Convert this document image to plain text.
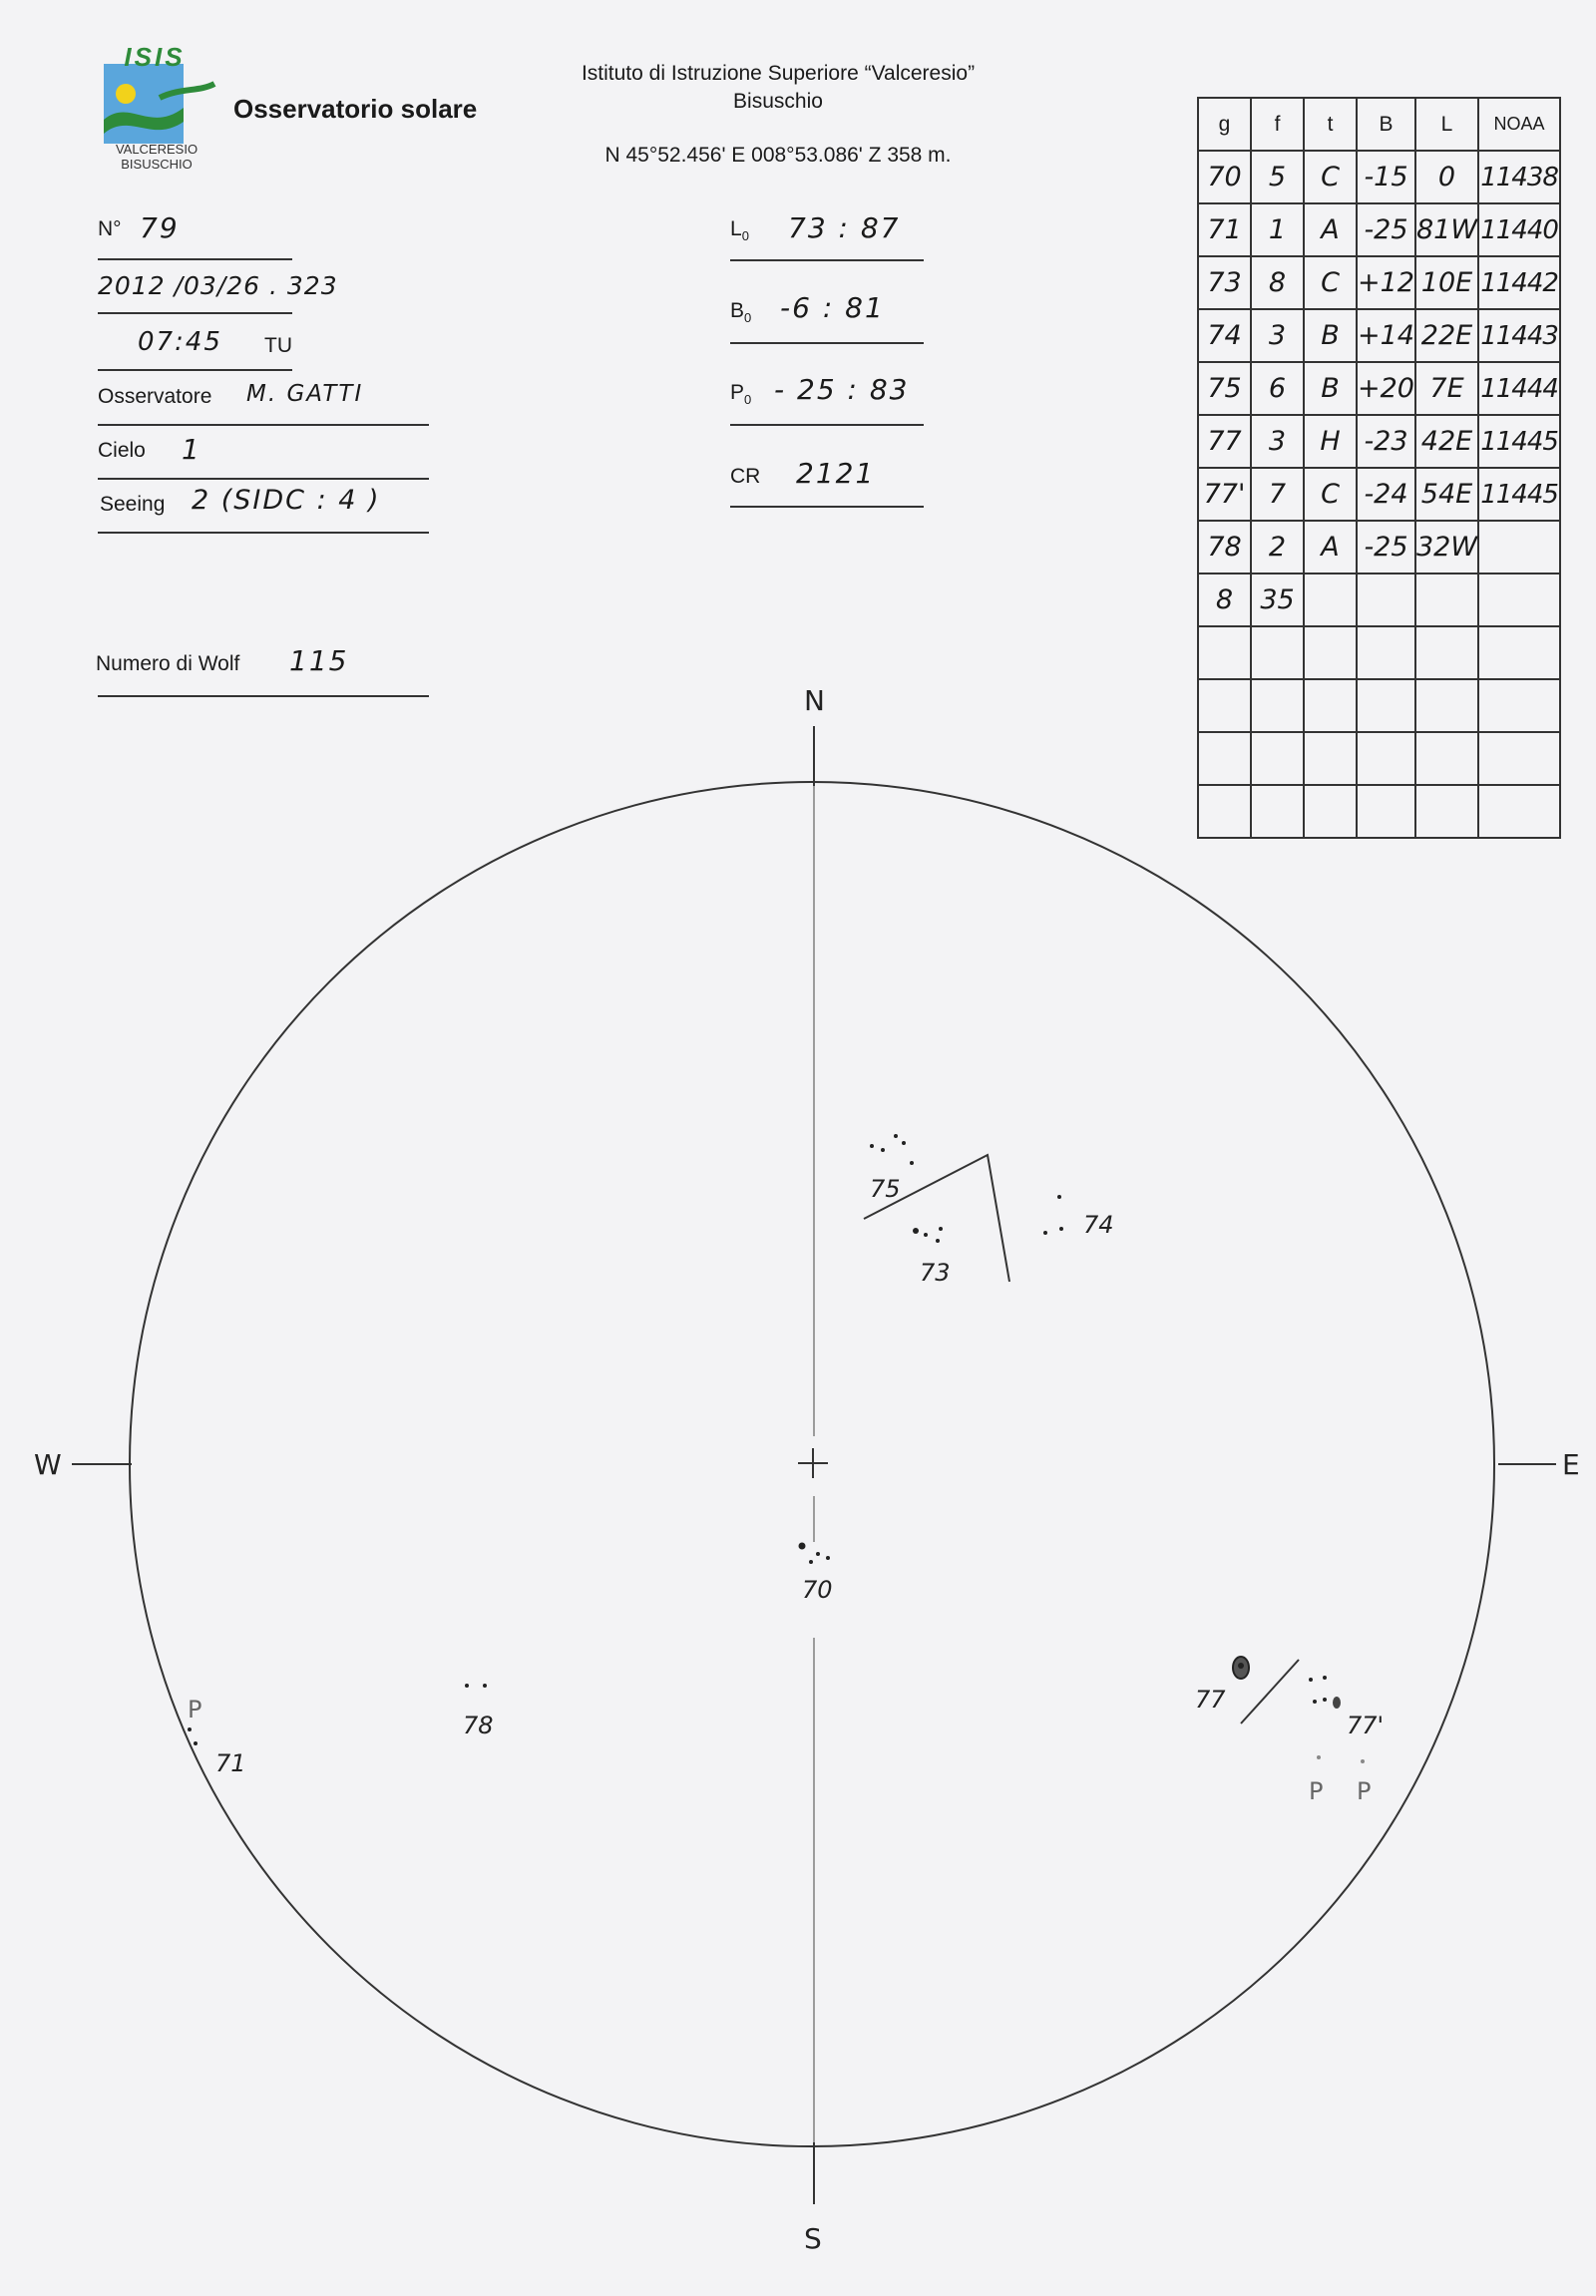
ISIS
VALCERESIO
BISUSCHIO
Osservatorio solare
Istituto di Istruzione Superiore “Valceresio”
Bisuschio
N 45°52.456' E 008°53.086' Z 358 m.
N° 79
2012 /03/26 . 323
07:45 TU
Osservatore M. GATTI
Cielo 1
Seeing 2 (SIDC : 4 )
Numero di Wolf 115
$L_0$ 73 : 87
$B_0$ -6 : 81
$P_0 - 25$ : 83
CR 2121
g	f	t	B	L	NOAA
70	5	C	-15	0	11438
71	1	A	-25	81W	11440
73	8	C	+12	10E	11442
74	3	B	+14	22E	11443
75	6	B	+20	7E	11444
77	3	H	-23	42E	11445
77'	7	C	-24	54E	11445
78	2	A	-25	32W	
8	35				

N
S
E
W
75
73
74
70
71
78
77
77'
P
P P
